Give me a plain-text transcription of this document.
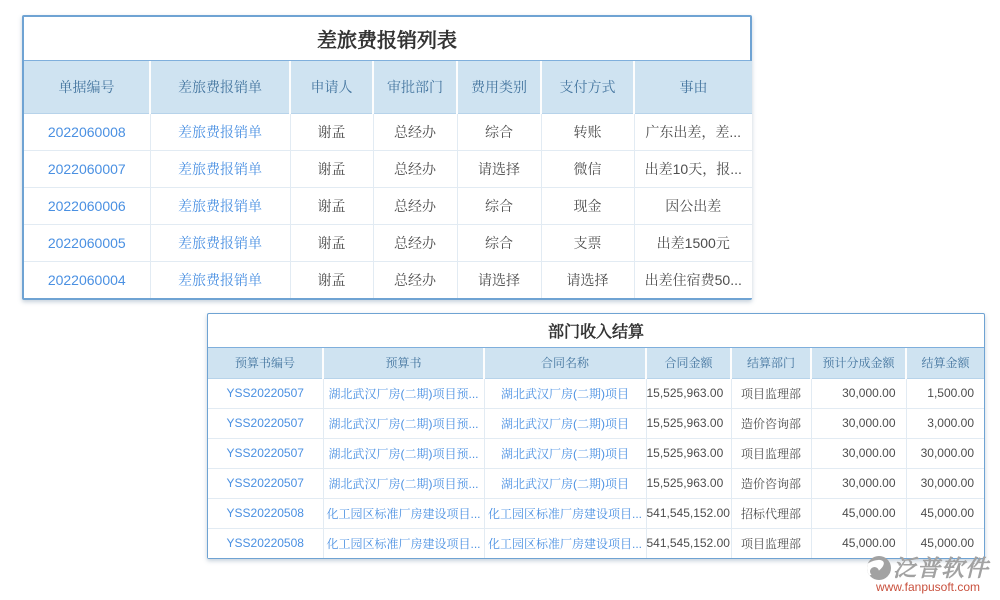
差旅费报销列表
单据编号	差旅费报销单	申请人	审批部门	费用类别	支付方式	事由
2022060008	差旅费报销单	谢孟	总经办	综合	转账	广东出差，差...
2022060007	差旅费报销单	谢孟	总经办	请选择	微信	出差10天，报...
2022060006	差旅费报销单	谢孟	总经办	综合	现金	因公出差
2022060005	差旅费报销单	谢孟	总经办	综合	支票	出差1500元
2022060004	差旅费报销单	谢孟	总经办	请选择	请选择	出差住宿费50...
部门收入结算
预算书编号	预算书	合同名称	合同金额	结算部门	预计分成金额	结算金额
YSS20220507	湖北武汉厂房(二期)项目预...	湖北武汉厂房(二期)项目	15,525,963.00	项目监理部	30,000.00	1,500.00
YSS20220507	湖北武汉厂房(二期)项目预...	湖北武汉厂房(二期)项目	15,525,963.00	造价咨询部	30,000.00	3,000.00
YSS20220507	湖北武汉厂房(二期)项目预...	湖北武汉厂房(二期)项目	15,525,963.00	项目监理部	30,000.00	30,000.00
YSS20220507	湖北武汉厂房(二期)项目预...	湖北武汉厂房(二期)项目	15,525,963.00	造价咨询部	30,000.00	30,000.00
YSS20220508	化工园区标准厂房建设项目...	化工园区标准厂房建设项目...	541,545,152.00	招标代理部	45,000.00	45,000.00
YSS20220508	化工园区标准厂房建设项目...	化工园区标准厂房建设项目...	541,545,152.00	项目监理部	45,000.00	45,000.00
泛普软件
www.fanpusoft.com
